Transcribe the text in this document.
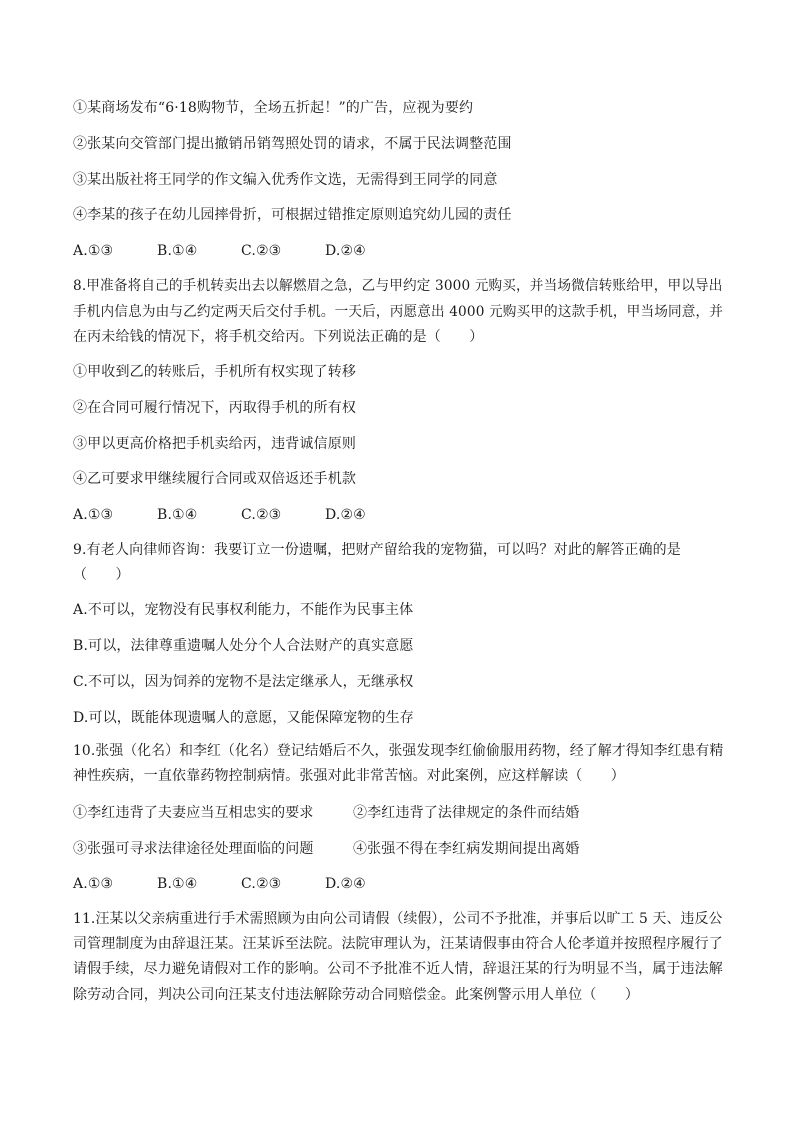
①某商场发布“6·18购物节，全场五折起！”的广告，应视为要约
②张某向交管部门提出撤销吊销驾照处罚的请求，不属于民法调整范围
③某出版社将王同学的作文编入优秀作文选，无需得到王同学的同意
④李某的孩子在幼儿园摔骨折，可根据过错推定原则追究幼儿园的责任
A.①③	B.①④	C.②③	D.②④
8.甲准备将自己的手机转卖出去以解燃眉之急，乙与甲约定 3000 元购买，并当场微信转账给甲，甲以导出
手机内信息为由与乙约定两天后交付手机。一天后，丙愿意出 4000 元购买甲的这款手机，甲当场同意，并
在丙未给钱的情况下，将手机交给丙。下列说法正确的是（　　）
①甲收到乙的转账后，手机所有权实现了转移
②在合同可履行情况下，丙取得手机的所有权
③甲以更高价格把手机卖给丙，违背诚信原则
④乙可要求甲继续履行合同或双倍返还手机款
A.①③	B.①④	C.②③	D.②④
9.有老人向律师咨询：我要订立一份遗嘱，把财产留给我的宠物猫，可以吗？对此的解答正确的是
（　　）
A.不可以，宠物没有民事权利能力，不能作为民事主体
B.可以，法律尊重遗嘱人处分个人合法财产的真实意愿
C.不可以，因为饲养的宠物不是法定继承人，无继承权
D.可以，既能体现遗嘱人的意愿，又能保障宠物的生存
10.张强（化名）和李红（化名）登记结婚后不久，张强发现李红偷偷服用药物，经了解才得知李红患有精
神性疾病，一直依靠药物控制病情。张强对此非常苦恼。对此案例，应这样解读（　　）
①李红违背了夫妻应当互相忠实的要求	②李红违背了法律规定的条件而结婚
③张强可寻求法律途径处理面临的问题	④张强不得在李红病发期间提出离婚
A.①③	B.①④	C.②③	D.②④
11.汪某以父亲病重进行手术需照顾为由向公司请假（续假），公司不予批准，并事后以旷工 5 天、违反公
司管理制度为由辞退汪某。汪某诉至法院。法院审理认为，汪某请假事由符合人伦孝道并按照程序履行了
请假手续，尽力避免请假对工作的影响。公司不予批准不近人情，辞退汪某的行为明显不当，属于违法解
除劳动合同，判决公司向汪某支付违法解除劳动合同赔偿金。此案例警示用人单位（　　）
